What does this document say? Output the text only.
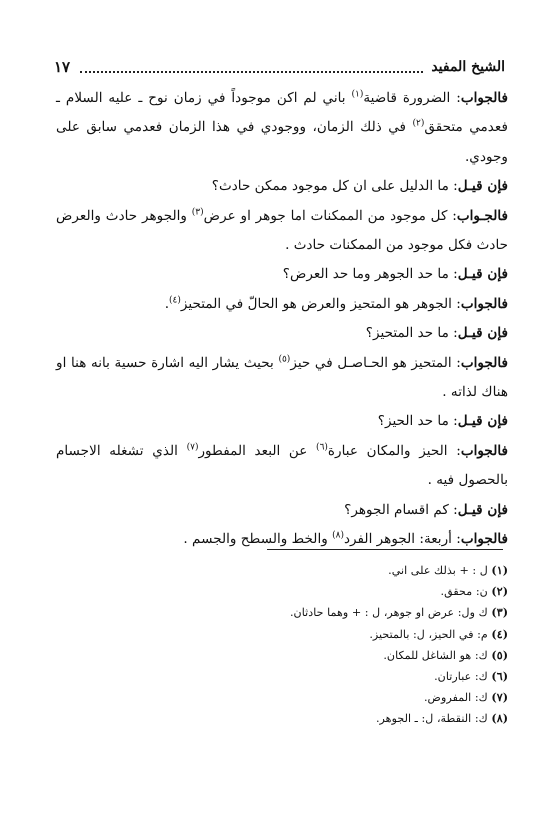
الشيخ المفيد
١٧

فالجواب: الضرورة قاضية$^{(١)}$ باني لم اكن موجوداً في زمان نوح ـ عليه السلام ـ فعدمي متحقق$^{(٢)}$ في ذلك الزمان، ووجودي في هذا الزمان فعدمي سابق على وجودي.

فإن قيـل: ما الدليل على ان كل موجود ممكن حادث؟

فالجـواب: كل موجود من الممكنات اما جوهر او عرض$^{(٣)}$ والجوهر حادث والعرض حادث فكل موجود من الممكنات حادث .

فإن قيـل: ما حد الجوهر وما حد العرض؟

فالجواب: الجوهر هو المتحيز والعرض هو الحالّ في المتحيز$^{(٤)}$.

فإن قيـل: ما حد المتحيز؟

فالجواب: المتحيز هو الحـاصـل في حيز$^{(٥)}$ بحيث يشار اليه اشارة حسية بانه هنا او هناك لذاته .

فإن قيـل: ما حد الحيز؟

فالجواب: الحيز والمكان عبارة$^{(٦)}$ عن البعد المفطور$^{(٧)}$ الذي تشغله الاجسام بالحصول فيه .

فإن قيـل: كم اقسام الجوهر؟

فالجواب: أربعة: الجوهر الفرد$^{(٨)}$ والخط والسطح والجسم .

(١) ل : + بذلك على اني.
(٢) ن: محقق.
(٣) ك ول: عرض او جوهر، ل : + وهما حادثان.
(٤) م: في الحيز، ل: بالمتحيز.
(٥) ك: هو الشاغل للمكان.
(٦) ك: عبارتان.
(٧) ك: المفروض.
(٨) ك: النقطة، ل: ـ الجوهر.
